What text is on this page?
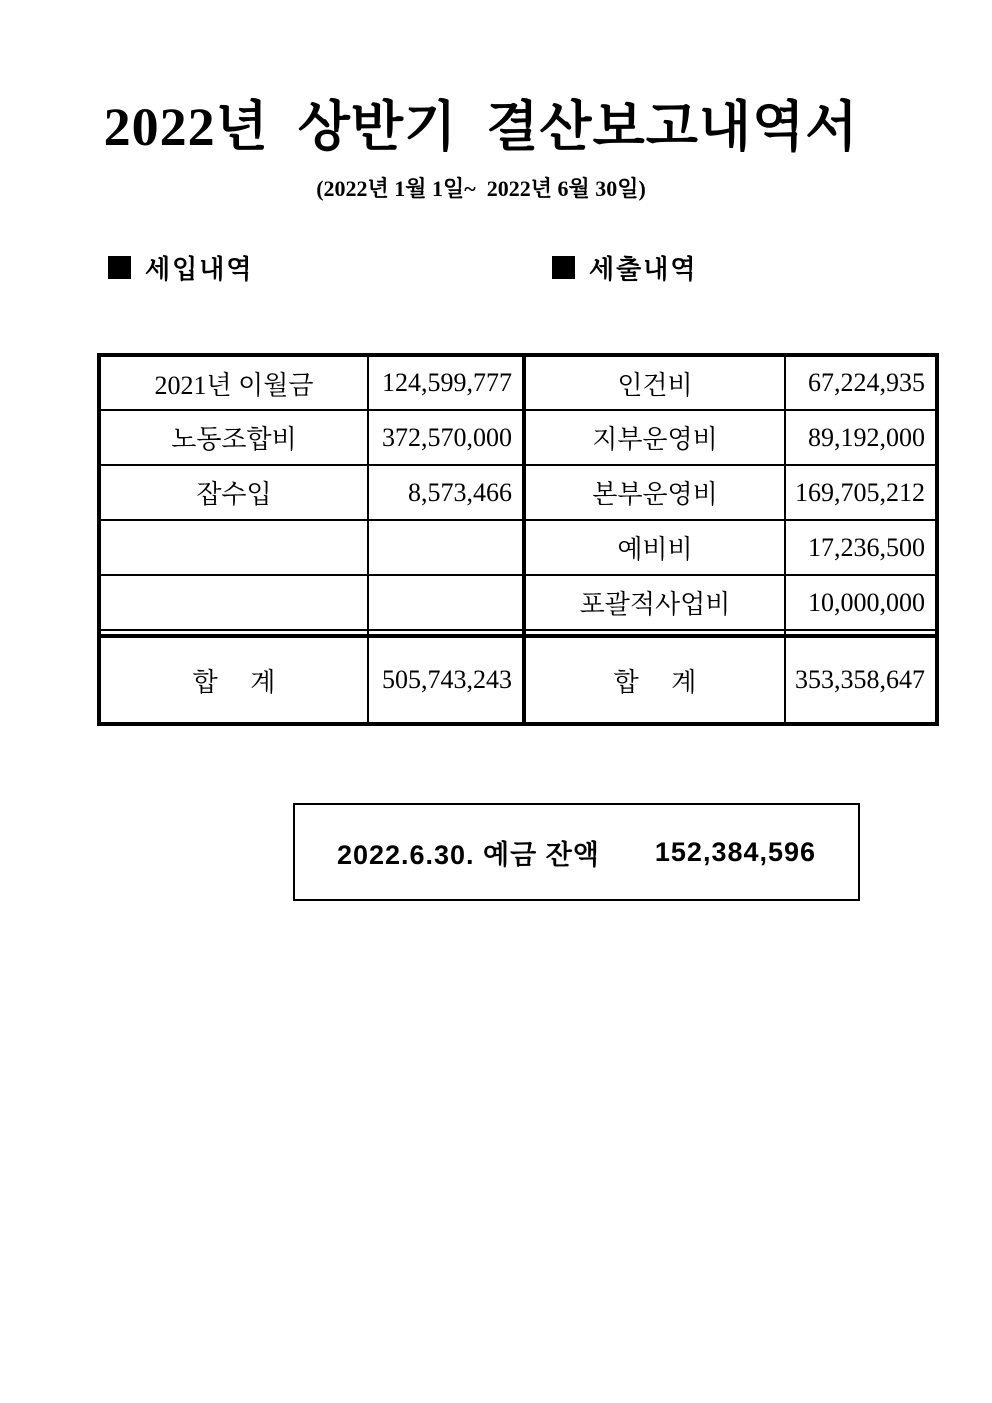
2022년  상반기  결산보고내역서
(2022년 1월 1일~  2022년 6월 30일)
세입내역	세출내역
2021년 이월금	124,599,777	인건비	67,224,935
노동조합비	372,570,000	지부운영비	89,192,000
잡수입	8,573,466	본부운영비	169,705,212
		예비비	17,236,500
		포괄적사업비	10,000,000

합     계	505,743,243	합     계	353,358,647
2022.6.30. 예금 잔액 152,384,596
